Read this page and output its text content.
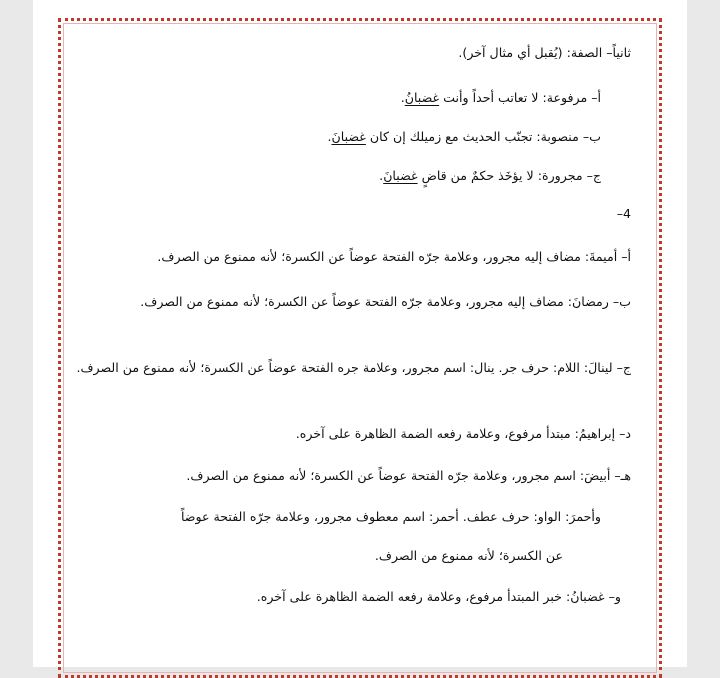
ثانياً– الصفة: (يُقبل أي مثال آخر).
أ– مرفوعة: لا تعاتب أحداً وأنت غضبانُ.
ب– منصوبة: تجنّب الحديث مع زميلك إن كان غضبانَ.
ج– مجرورة: لا يؤخَذ حكمٌ من قاضٍ غضبانَ.
4–
أ– أميمةَ: مضاف إليه مجرور، وعلامة جرّه الفتحة عوضاً عن الكسرة؛ لأنه ممنوع من الصرف.
ب– رمضانَ: مضاف إليه مجرور، وعلامة جرّه الفتحة عوضاً عن الكسرة؛ لأنه ممنوع من الصرف.
ج– لينالَ: اللام: حرف جر. ينال: اسم مجرور، وعلامة جره الفتحة عوضاً عن الكسرة؛ لأنه ممنوع من الصرف.
د– إبراهيمُ: مبتدأ مرفوع، وعلامة رفعه الضمة الظاهرة على آخره.
هـ– أبيضَ: اسم مجرور، وعلامة جرّه الفتحة عوضاً عن الكسرة؛ لأنه ممنوع من الصرف.
وأحمرَ: الواو: حرف عطف. أحمر: اسم معطوف مجرور، وعلامة جرّه الفتحة عوضاً
عن الكسرة؛ لأنه ممنوع من الصرف.
و– غضبانُ: خبر المبتدأ مرفوع، وعلامة رفعه الضمة الظاهرة على آخره.
